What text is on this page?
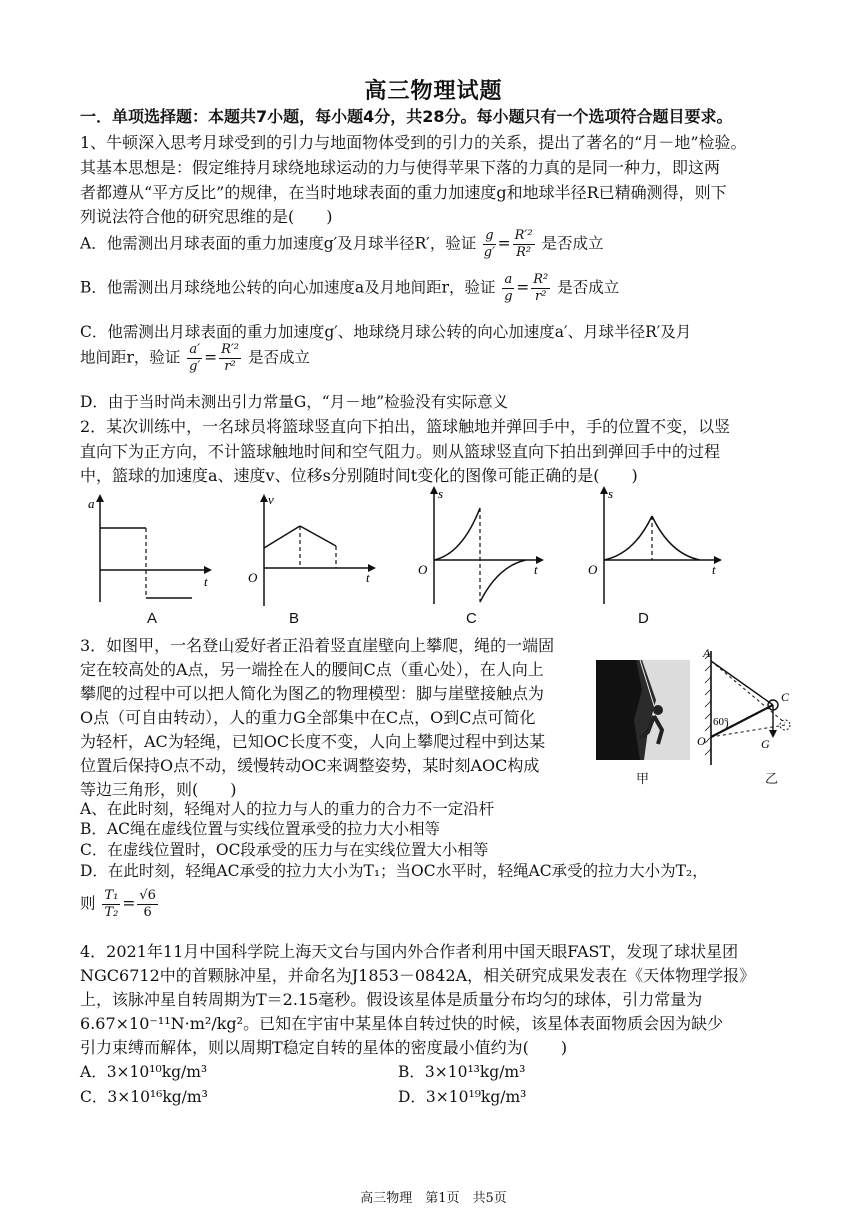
高三物理试题
一．单项选择题：本题共7小题，每小题4分，共28分。每小题只有一个选项符合题目要求。
1、牛顿深入思考月球受到的引力与地面物体受到的引力的关系，提出了著名的“月－地”检验。
其基本思想是：假定维持月球绕地球运动的力与使得苹果下落的力真的是同一种力，即这两
者都遵从“平方反比”的规律，在当时地球表面的重力加速度g和地球半径R已精确测得，则下
列说法符合他的研究思维的是(　　)
A．他需测出月球表面的重力加速度g′及月球半径R′，验证 $\frac{g}{g'} = \frac{\text{R′²}}{\text{R²}}$ 是否成立
B．他需测出月球绕地公转的向心加速度a及月地间距r，验证 $\frac{a}{g} = \frac{\text{R²}}{\text{r²}}$ 是否成立
C．他需测出月球表面的重力加速度g′、地球绕月球公转的向心加速度a′、月球半径R′及月
地间距r，验证 $\frac{a'}{g'} = \frac{\text{R′²}}{\text{r²}}$ 是否成立
D．由于当时尚未测出引力常量G，“月－地”检验没有实际意义
2．某次训练中，一名球员将篮球竖直向下拍出，篮球触地并弹回手中，手的位置不变，以竖
直向下为正方向，不计篮球触地时间和空气阻力。则从篮球竖直向下拍出到弹回手中的过程
中，篮球的加速度a、速度v、位移s分别随时间t变化的图像可能正确的是(　　)
a
t
A
v
O	t
B
s
O	t
C
s
O	t
D
3．如图甲，一名登山爱好者正沿着竖直崖壁向上攀爬，绳的一端固
定在较高处的A点，另一端拴在人的腰间C点（重心处），在人向上
攀爬的过程中可以把人简化为图乙的物理模型：脚与崖壁接触点为
O点（可自由转动），人的重力G全部集中在C点，O到C点可简化
为轻杆，AC为轻绳，已知OC长度不变，人向上攀爬过程中到达某
位置后保持O点不动，缓慢转动OC来调整姿势，某时刻AOC构成
等边三角形，则(　　)
甲
A
C
O	G
60°
乙
A、在此时刻，轻绳对人的拉力与人的重力的合力不一定沿杆
B．AC绳在虚线位置与实线位置承受的拉力大小相等
C．在虚线位置时，OC段承受的压力与在实线位置大小相等
D．在此时刻，轻绳AC承受的拉力大小为T₁；当OC水平时，轻绳AC承受的拉力大小为T₂，
则 $\frac{\text{T₁}}{\text{T₂}} = \frac{√6}{6}$
4．2021年11月中国科学院上海天文台与国内外合作者利用中国天眼FAST，发现了球状星团
NGC6712中的首颗脉冲星，并命名为J1853－0842A，相关研究成果发表在《天体物理学报》
上，该脉冲星自转周期为T＝2.15毫秒。假设该星体是质量分布均匀的球体，引力常量为
6.67×10⁻¹¹N·m²/kg²。已知在宇宙中某星体自转过快的时候，该星体表面物质会因为缺少
引力束缚而解体，则以周期T稳定自转的星体的密度最小值约为(　　)
A．3×10¹⁰kg/m³	B．3×10¹³kg/m³
C．3×10¹⁶kg/m³	D．3×10¹⁹kg/m³
高三物理　第1页　共5页
